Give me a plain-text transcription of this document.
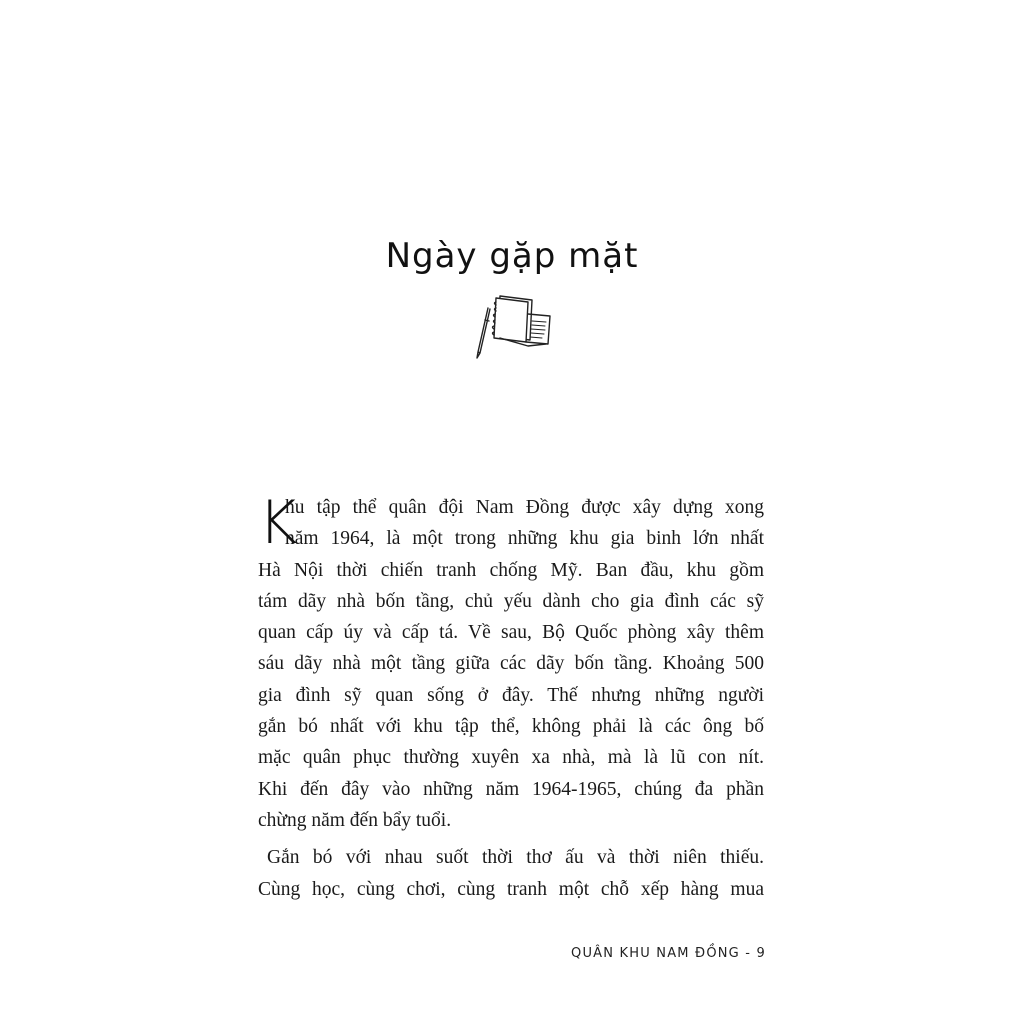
Ngày gặp mặt
K
hu tập thể quân đội Nam Đồng được xây dựng xong
năm 1964, là một trong những khu gia binh lớn nhất
Hà Nội thời chiến tranh chống Mỹ. Ban đầu, khu gồm
tám dãy nhà bốn tầng, chủ yếu dành cho gia đình các sỹ
quan cấp úy và cấp tá. Về sau, Bộ Quốc phòng xây thêm
sáu dãy nhà một tầng giữa các dãy bốn tầng. Khoảng 500
gia đình sỹ quan sống ở đây. Thế nhưng những người
gắn bó nhất với khu tập thể, không phải là các ông bố
mặc quân phục thường xuyên xa nhà, mà là lũ con nít.
Khi đến đây vào những năm 1964-1965, chúng đa phần
chừng năm đến bẩy tuổi.
Gắn bó với nhau suốt thời thơ ấu và thời niên thiếu.
Cùng học, cùng chơi, cùng tranh một chỗ xếp hàng mua
QUÂN KHU NAM ĐỒNG - 9
